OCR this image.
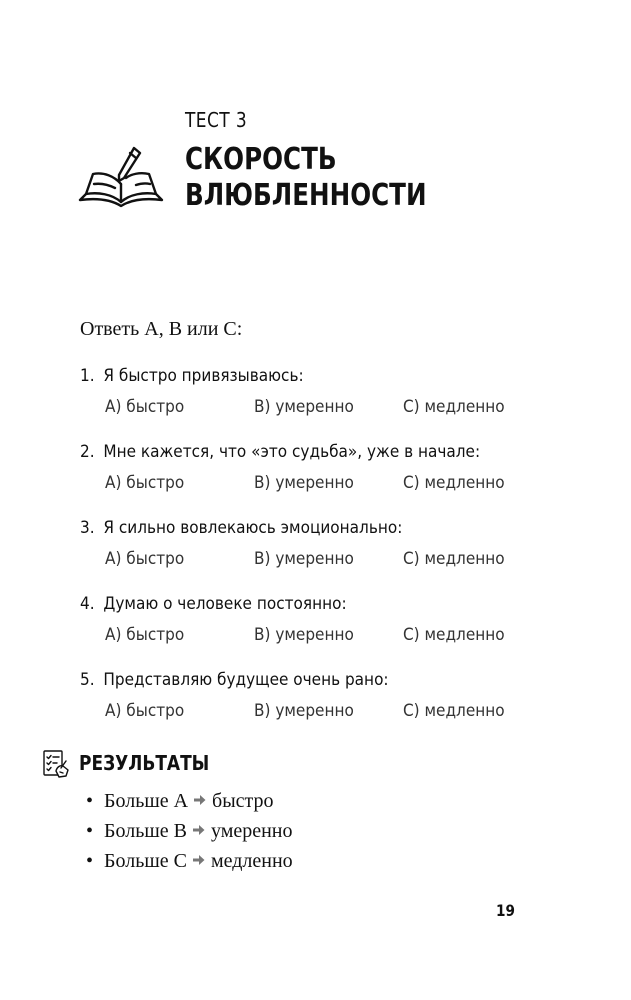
ТЕСТ 3
СКОРОСТЬ
ВЛЮБЛЕННОСТИ
Ответь А, В или С:
1. Я быстро привязываюсь:
А) быстро	В) умеренно	С) медленно
2. Мне кажется, что «это судьба», уже в начале:
А) быстро	В) умеренно	С) медленно
3. Я сильно вовлекаюсь эмоционально:
А) быстро	В) умеренно	С) медленно
4. Думаю о человеке постоянно:
А) быстро	В) умеренно	С) медленно
5. Представляю будущее очень рано:
А) быстро	В) умеренно	С) медленно
РЕЗУЛЬТАТЫ
• Больше А быстро
• Больше В умеренно
• Больше С медленно
19
